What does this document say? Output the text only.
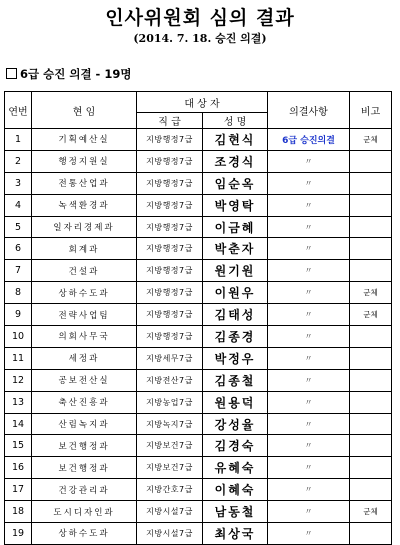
인사위원회 심의 결과
(2014. 7. 18. 승진 의결)
6급 승진 의결 - 19명
연번	현 임	대 상 자		의결사항	비고
		직 급	성 명		
1	기획예산실	지방행정7급	김현식	6급 승진의결	군체
2	행정지원실	지방행정7급	조경식	〃	
3	전통산업과	지방행정7급	임순옥	〃	
4	녹색환경과	지방행정7급	박영탁	〃	
5	일자리경제과	지방행정7급	이금혜	〃	
6	회계과	지방행정7급	박춘자	〃	
7	건설과	지방행정7급	원기원	〃	
8	상하수도과	지방행정7급	이원우	〃	군체
9	전략사업팀	지방행정7급	김태성	〃	군체
10	의회사무국	지방행정7급	김종경	〃	
11	세정과	지방세무7급	박정우	〃	
12	공보전산실	지방전산7급	김종철	〃	
13	축산진흥과	지방농업7급	원용덕	〃	
14	산림녹지과	지방녹지7급	강성율	〃	
15	보건행정과	지방보건7급	김경숙	〃	
16	보건행정과	지방보건7급	유혜숙	〃	
17	건강관리과	지방간호7급	이혜숙	〃	
18	도시디자인과	지방시설7급	남동철	〃	군체
19	상하수도과	지방시설7급	최상국	〃	
